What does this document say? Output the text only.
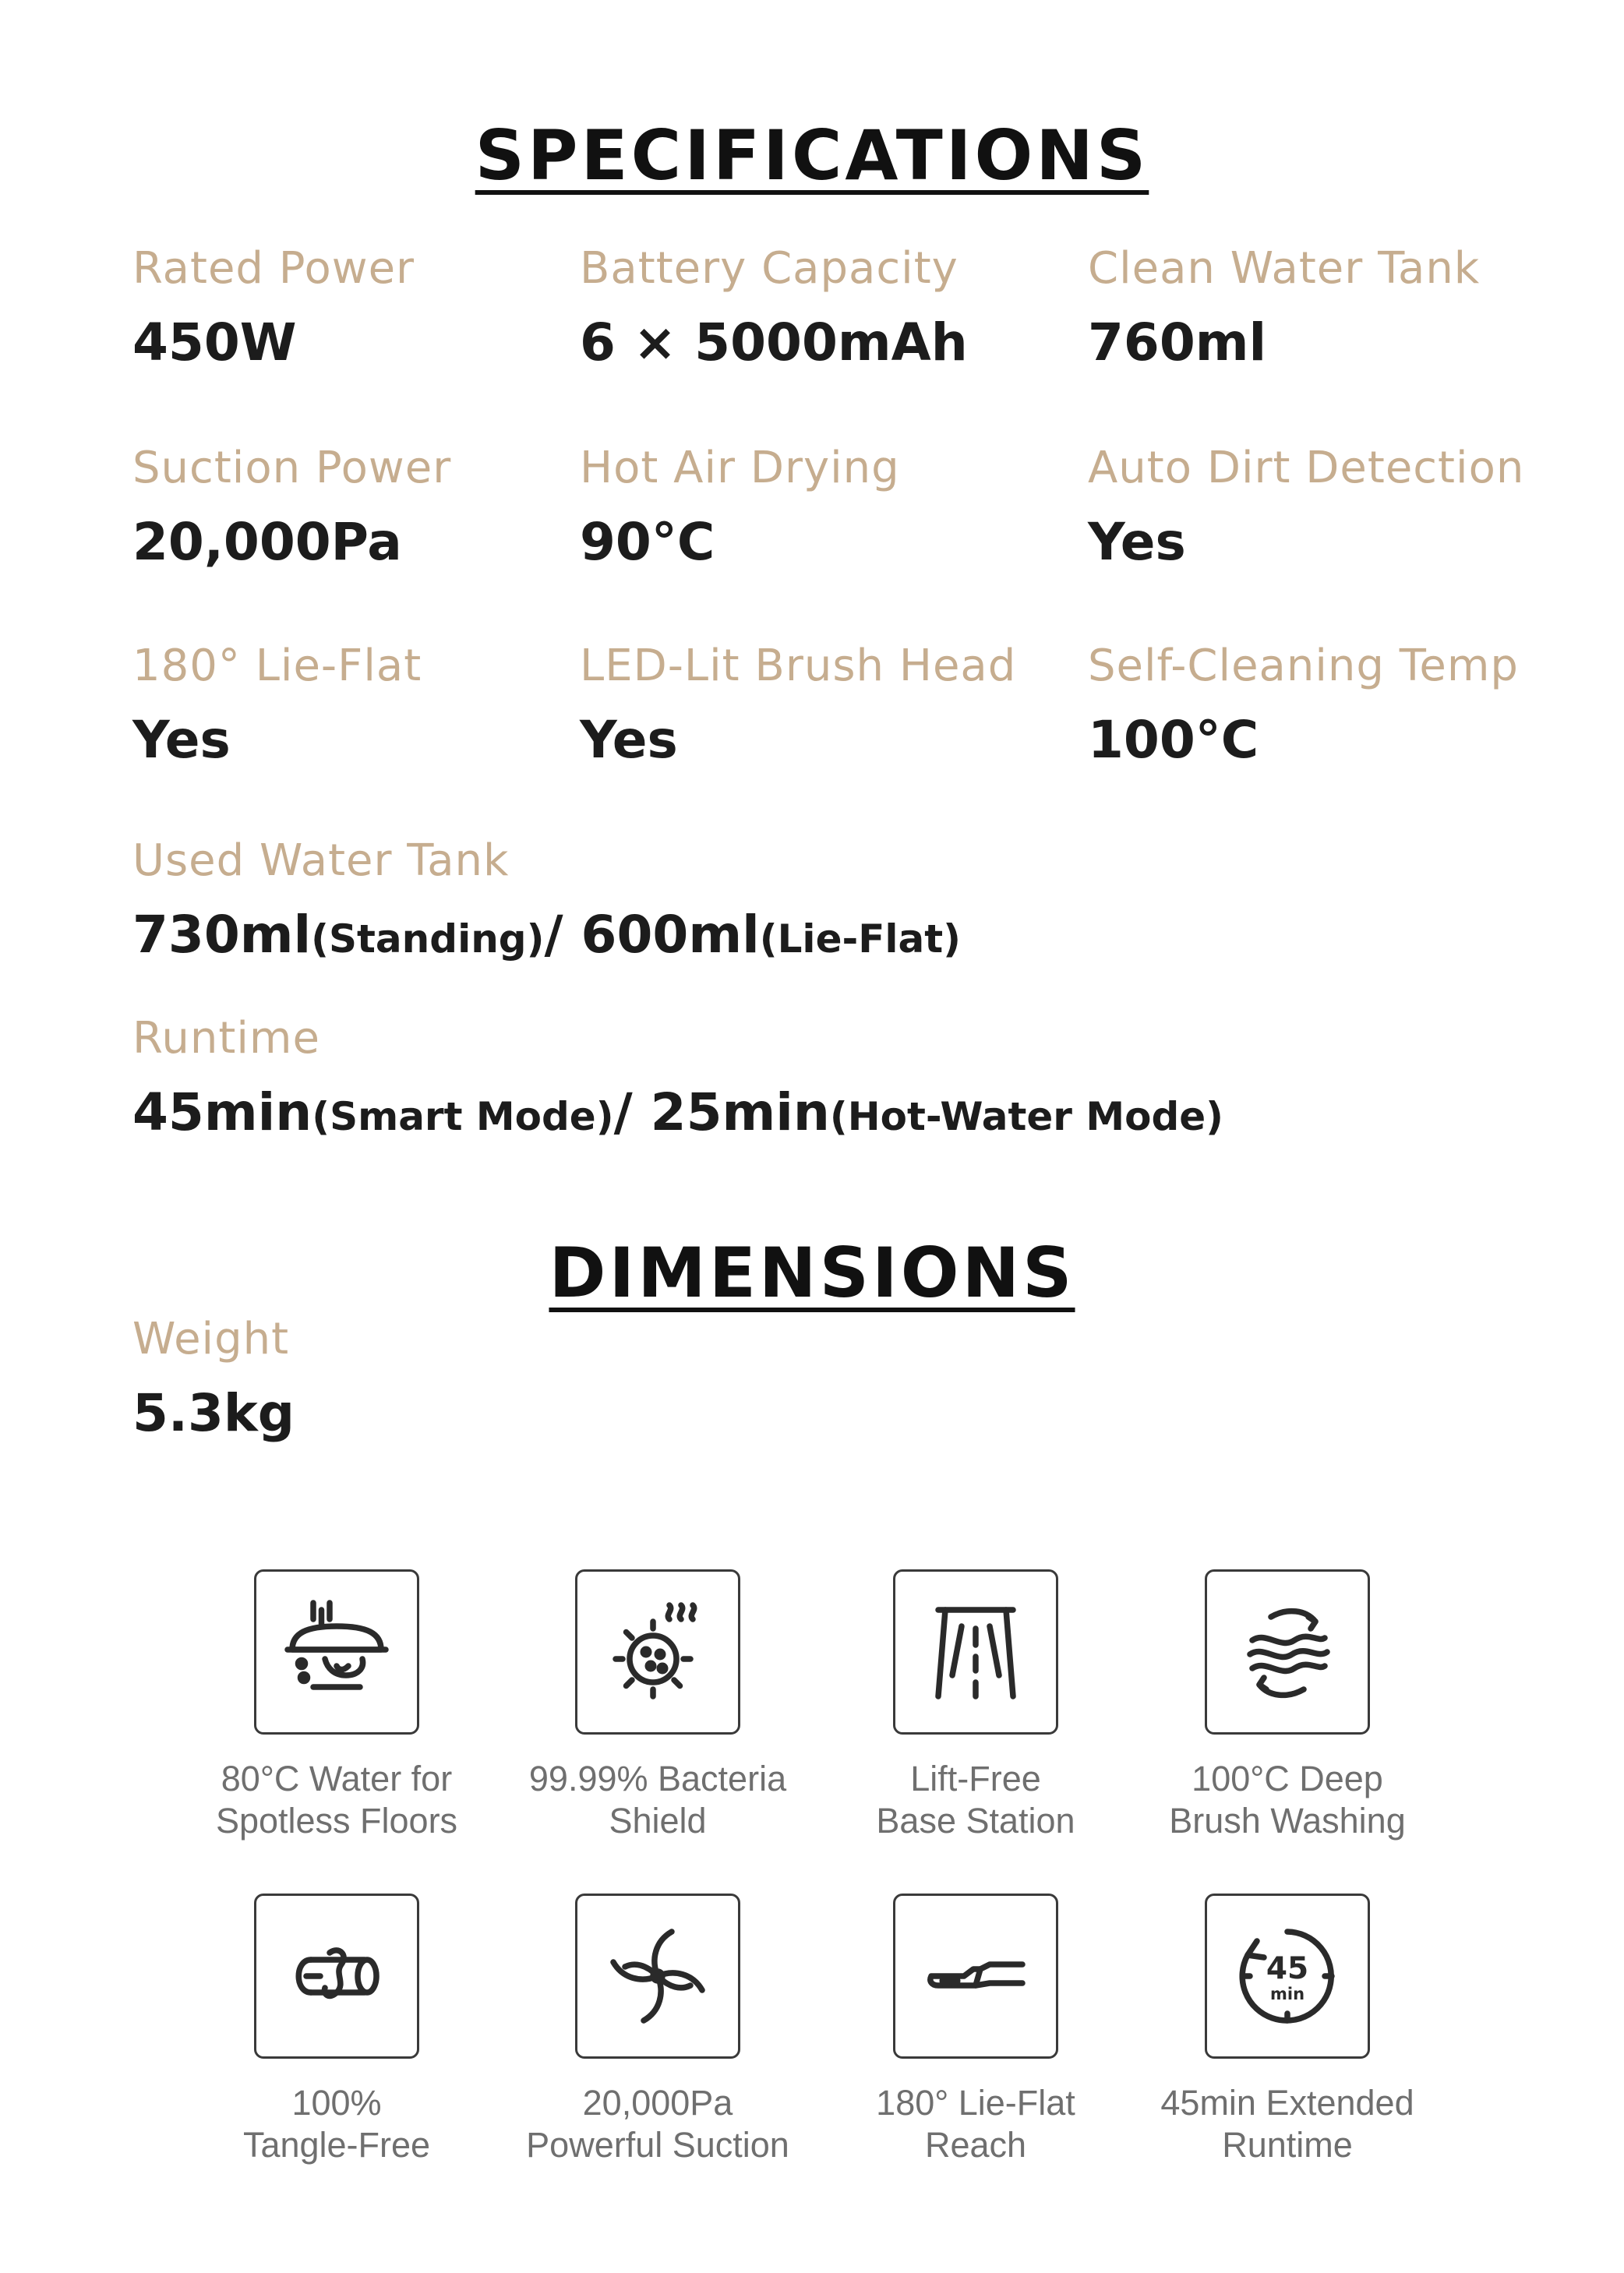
SPECIFICATIONS
Rated Power
450W
Battery Capacity
6 × 5000mAh
Clean Water Tank
760ml
Suction Power
20,000Pa
Hot Air Drying
90°C
Auto Dirt Detection
Yes
180° Lie-Flat
Yes
LED-Lit Brush Head
Yes
Self-Cleaning Temp
100°C
Used Water Tank
730ml(Standing)/ 600ml(Lie-Flat)
Runtime
45min(Smart Mode)/ 25min(Hot-Water Mode)
DIMENSIONS
Weight
5.3kg
80°C Water for
Spotless Floors
99.99% Bacteria
Shield
Lift-Free
Base Station
100°C Deep
Brush Washing
100%
Tangle-Free
20,000Pa
Powerful Suction
180° Lie-Flat
Reach
45
min
45min Extended
Runtime
